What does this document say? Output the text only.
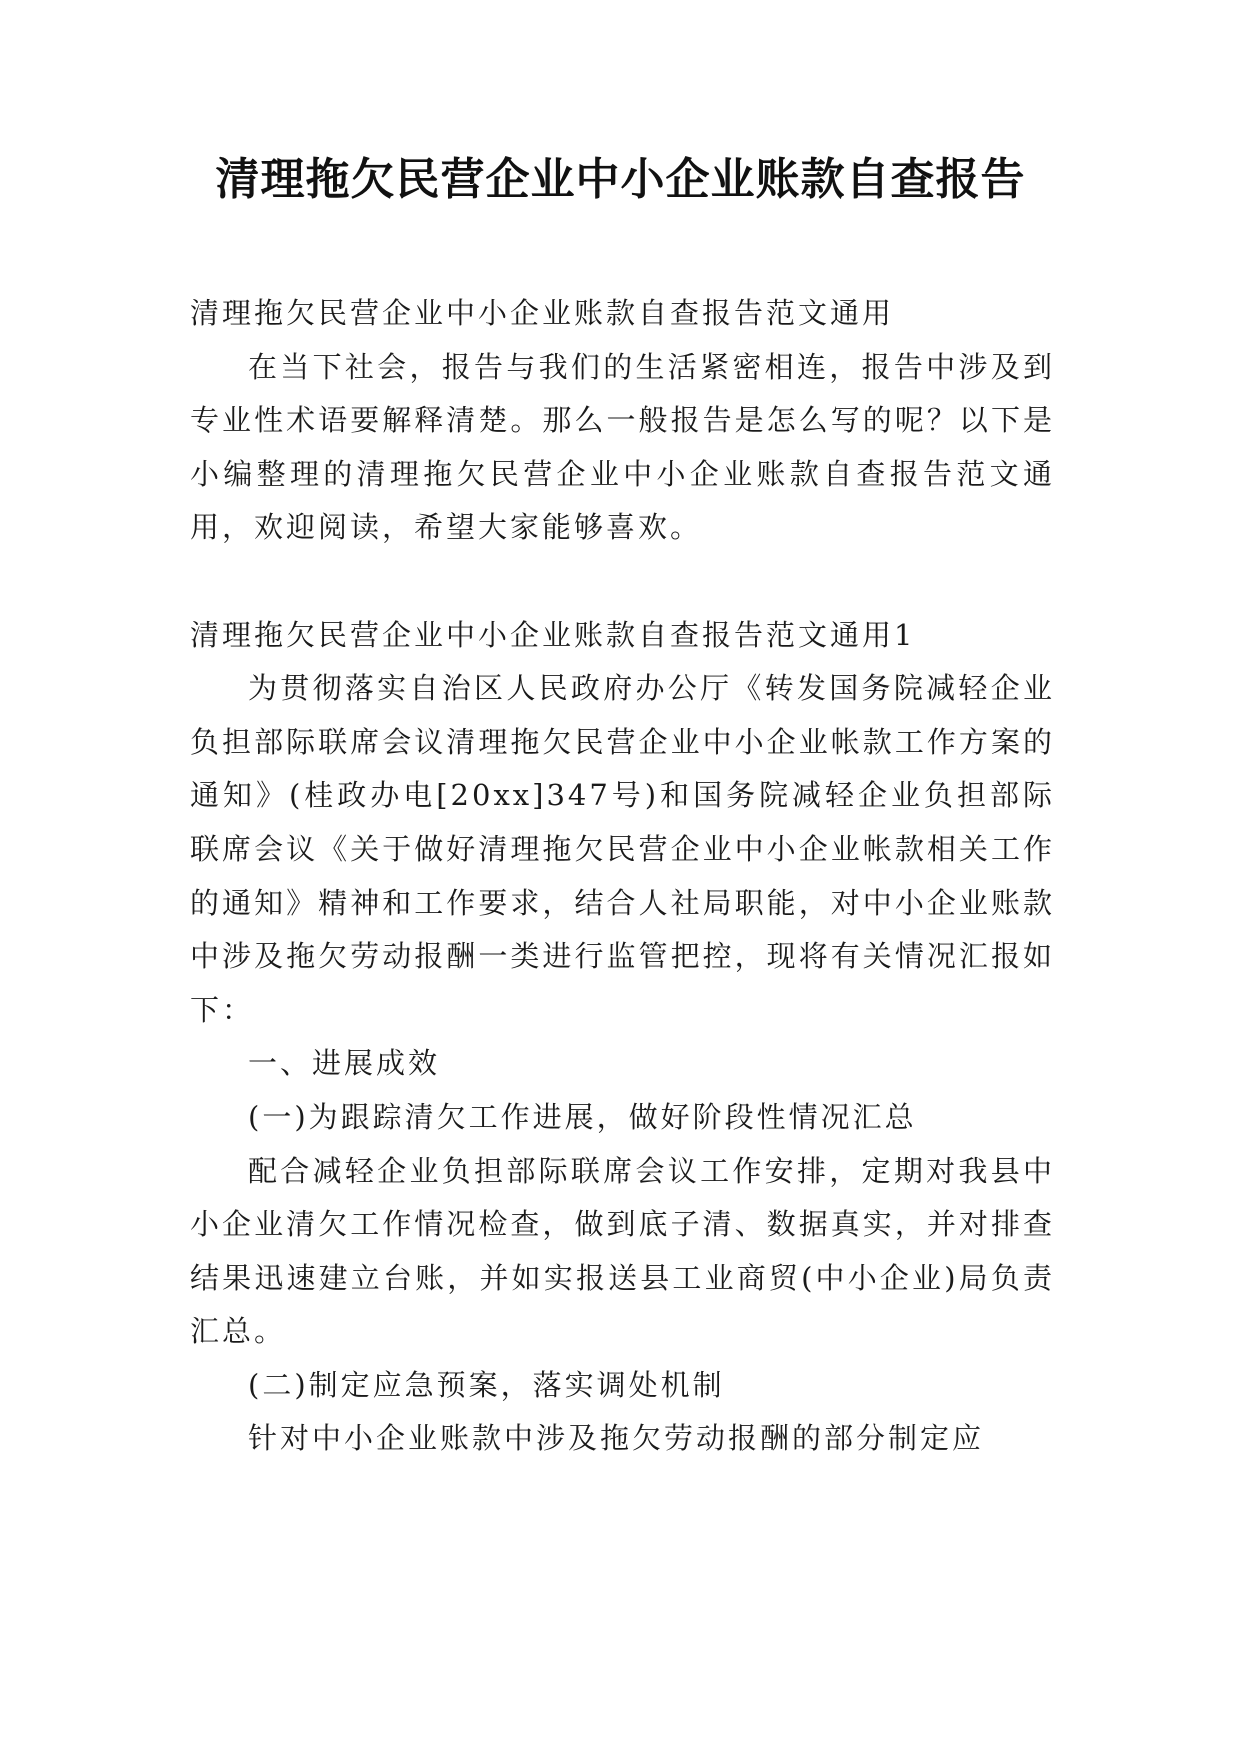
清理拖欠民营企业中小企业账款自查报告

清理拖欠民营企业中小企业账款自查报告范文通用

在当下社会，报告与我们的生活紧密相连，报告中涉及到专业性术语要解释清楚。那么一般报告是怎么写的呢？以下是小编整理的清理拖欠民营企业中小企业账款自查报告范文通用，欢迎阅读，希望大家能够喜欢。

清理拖欠民营企业中小企业账款自查报告范文通用1

为贯彻落实自治区人民政府办公厅《转发国务院减轻企业负担部际联席会议清理拖欠民营企业中小企业帐款工作方案的通知》(桂政办电[20xx]347号)和国务院减轻企业负担部际联席会议《关于做好清理拖欠民营企业中小企业帐款相关工作的通知》精神和工作要求，结合人社局职能，对中小企业账款中涉及拖欠劳动报酬一类进行监管把控，现将有关情况汇报如下：

一、进展成效

(一)为跟踪清欠工作进展，做好阶段性情况汇总

配合减轻企业负担部际联席会议工作安排，定期对我县中小企业清欠工作情况检查，做到底子清、数据真实，并对排查结果迅速建立台账，并如实报送县工业商贸(中小企业)局负责汇总。

(二)制定应急预案，落实调处机制

针对中小企业账款中涉及拖欠劳动报酬的部分制定应
